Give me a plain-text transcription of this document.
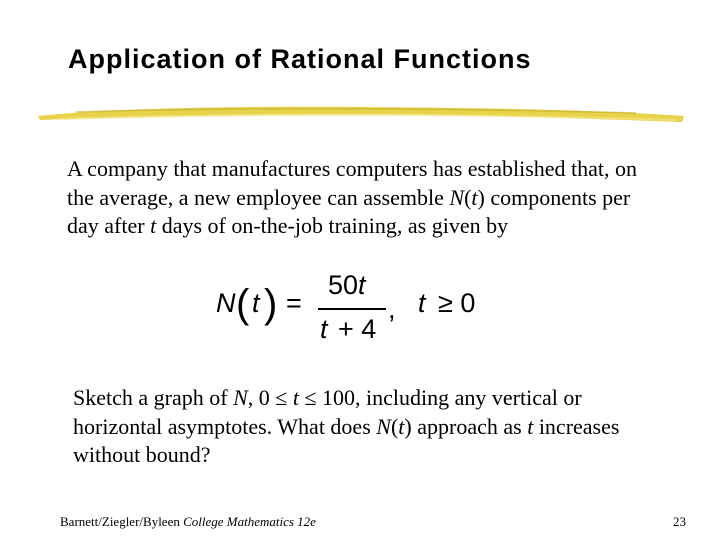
Application of Rational Functions
A company that manufactures computers has established that, on the average, a new employee can assemble N(t) components per day after t days of on-the-job training, as given by
N ( t ) =
50 t
t + 4
, t ≥ 0
Sketch a graph of N, 0 ≤ t ≤ 100, including any vertical or horizontal asymptotes. What does N(t) approach as t increases without bound?
Barnett/Ziegler/Byleen College Mathematics 12e	23
